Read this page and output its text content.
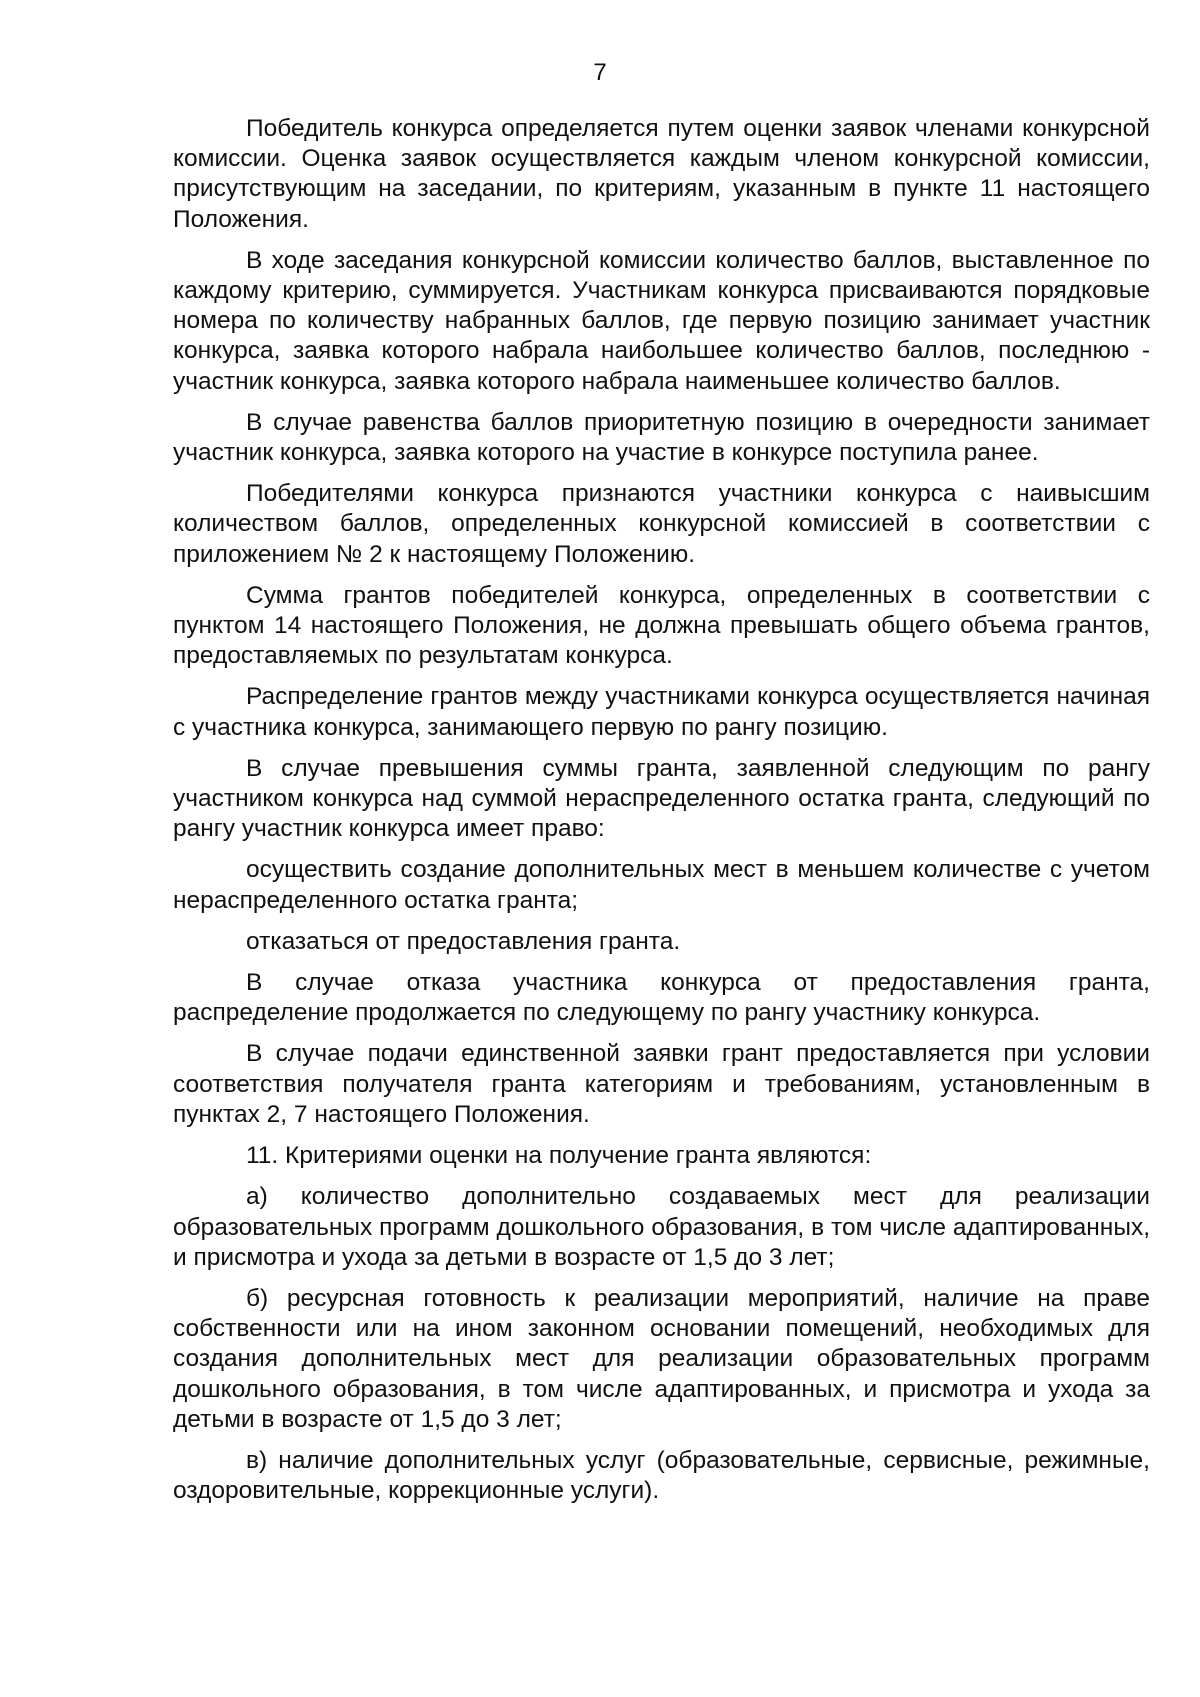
7

Победитель конкурса определяется путем оценки заявок членами конкурсной комиссии. Оценка заявок осуществляется каждым членом конкурсной комиссии, присутствующим на заседании, по критериям, указанным в пункте 11 настоящего Положения.

В ходе заседания конкурсной комиссии количество баллов, выставленное по каждому критерию, суммируется. Участникам конкурса присваиваются порядковые номера по количеству набранных баллов, где первую позицию занимает участник конкурса, заявка которого набрала наибольшее количество баллов, последнюю - участник конкурса, заявка которого набрала наименьшее количество баллов.

В случае равенства баллов приоритетную позицию в очередности занимает участник конкурса, заявка которого на участие в конкурсе поступила ранее.

Победителями конкурса признаются участники конкурса с наивысшим количеством баллов, определенных конкурсной комиссией в соответствии с приложением № 2 к настоящему Положению.

Сумма грантов победителей конкурса, определенных в соответствии с пунктом 14 настоящего Положения, не должна превышать общего объема грантов, предоставляемых по результатам конкурса.

Распределение грантов между участниками конкурса осуществляется начиная с участника конкурса, занимающего первую по рангу позицию.

В случае превышения суммы гранта, заявленной следующим по рангу участником конкурса над суммой нераспределенного остатка гранта, следующий по рангу участник конкурса имеет право:

осуществить создание дополнительных мест в меньшем количестве с учетом нераспределенного остатка гранта;

отказаться от предоставления гранта.

В случае отказа участника конкурса от предоставления гранта, распределение продолжается по следующему по рангу участнику конкурса.

В случае подачи единственной заявки грант предоставляется при условии соответствия получателя гранта категориям и требованиям, установленным в пунктах 2, 7 настоящего Положения.

11. Критериями оценки на получение гранта являются:

а) количество дополнительно создаваемых мест для реализации образовательных программ дошкольного образования, в том числе адаптированных, и присмотра и ухода за детьми в возрасте от 1,5 до 3 лет;

б) ресурсная готовность к реализации мероприятий, наличие на праве собственности или на ином законном основании помещений, необходимых для создания дополнительных мест для реализации образовательных программ дошкольного образования, в том числе адаптированных, и присмотра и ухода за детьми в возрасте от 1,5 до 3 лет;

в) наличие дополнительных услуг (образовательные, сервисные, режимные, оздоровительные, коррекционные услуги).
